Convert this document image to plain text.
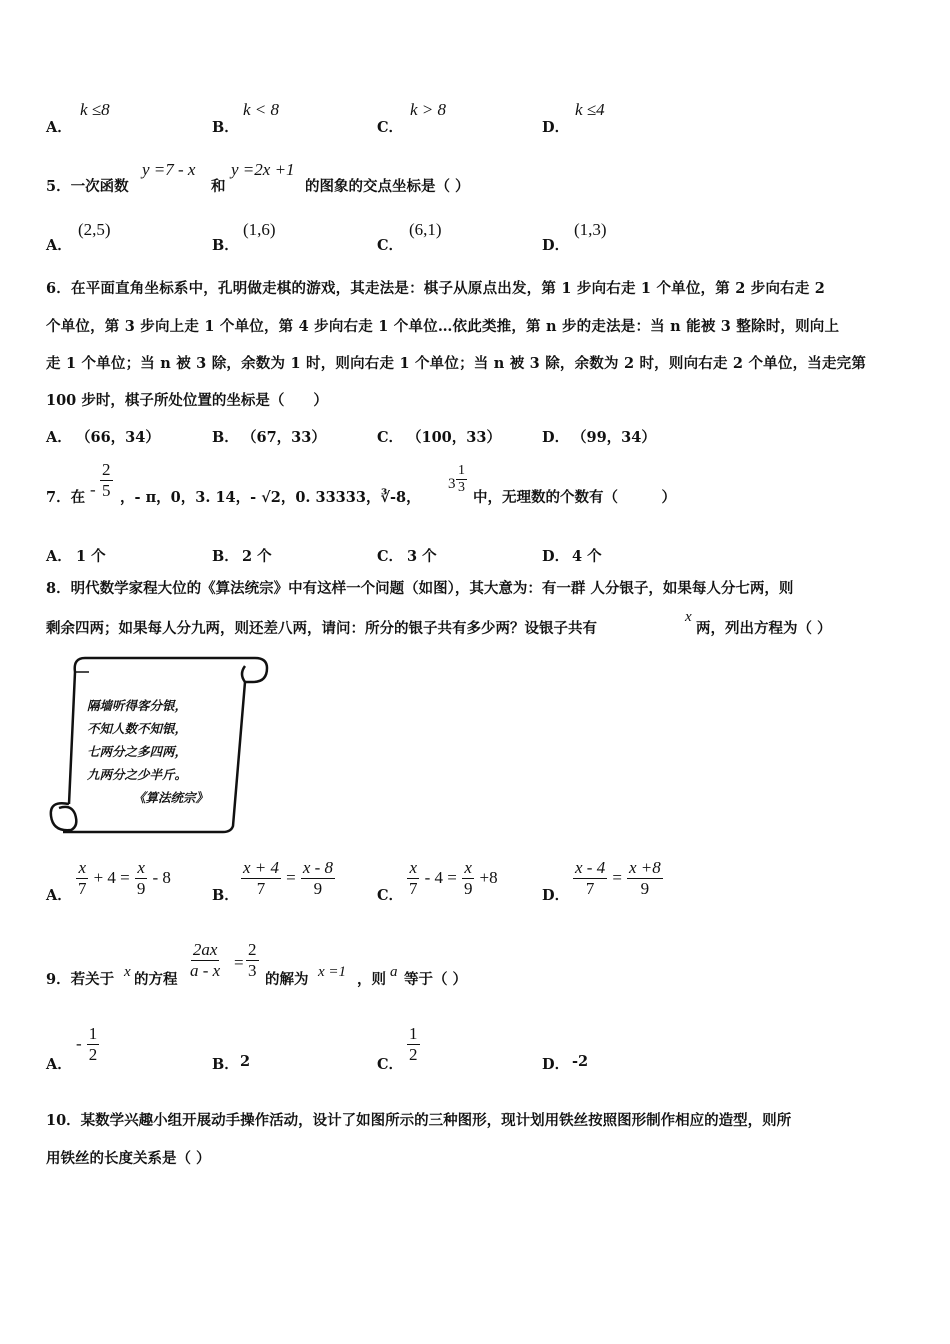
A．
k ≤8
B．
k < 8
C．
k > 8
D．
k ≤4
5．一次函数
y =7 - x
和
y =2x +1
的图象的交点坐标是（ ）
A．
(2,5)
B．
(1,6)
C．
(6,1)
D．
(1,3)
6．在平面直角坐标系中，孔明做走棋的游戏，其走法是：棋子从原点出发，第 1 步向右走 1 个单位，第 2 步向右走 2
个单位，第 3 步向上走 1 个单位，第 4 步向右走 1 个单位…依此类推，第 n 步的走法是：当 n 能被 3 整除时，则向上
走 1 个单位；当 n 被 3 除，余数为 1 时，则向右走 1 个单位；当 n 被 3 除，余数为 2 时，则向右走 2 个单位，当走完第
100 步时，棋子所处位置的坐标是（　　）
A． （66，34）	B． （67，33）	C． （100，33）	D． （99，34）
7．在 - $\frac{2}{5}$ ，- π，0，3. 14，- √2，0. 33333，∛-8，
$3 \frac{1}{3}$
中，无理数的个数有（　　　）
A． 1 个	B． 2 个	C． 3 个	D． 4 个
8．明代数学家程大位的《算法统宗》中有这样一个问题（如图），其大意为：有一群 人分银子，如果每人分七两，则
剩余四两；如果每人分九两，则还差八两，请问：所分的银子共有多少两？设银子共有
x
两，列出方程为（ ）
隔墙听得客分银，
不知人数不知银，
七两分之多四两，
九两分之少半斤。
《算法统宗》
A． $\frac{x}{7} + 4 = \frac{x}{9} - 8$
B． $\frac{x + 4}{7} = \frac{x - 8}{9}$	C． $\frac{x}{7} - 4 = \frac{x}{9} +8$
D． $\frac{x - 4}{7} = \frac{x +8}{9}$
9．若关于 x 的方程 $\frac{2ax}{a - x} = \frac{2}{3}$ 的解为 x =1 ，则 a 等于（ ）
A．
- $\frac{1}{2}$
B． 2	C．
$\frac{1}{2}$
D． -2
10．某数学兴趣小组开展动手操作活动，设计了如图所示的三种图形，现计划用铁丝按照图形制作相应的造型，则所
用铁丝的长度关系是（ ）
